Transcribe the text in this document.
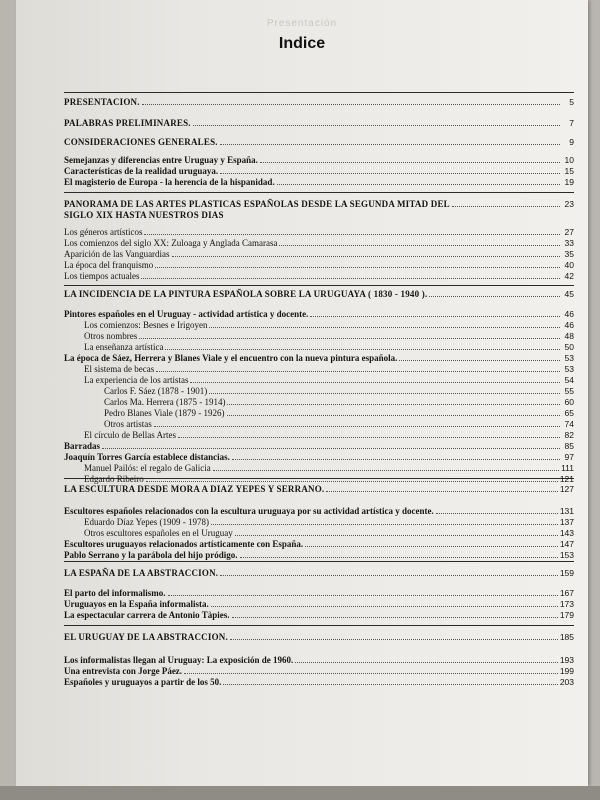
Presentación
Indice
PRESENTACION.	5
PALABRAS PRELIMINARES.	7
CONSIDERACIONES GENERALES.	9
Semejanzas y diferencias entre Uruguay y España.	10
Características de la realidad uruguaya.	15
El magisterio de Europa - la herencia de la hispanidad.	19
PANORAMA DE LAS ARTES PLASTICAS ESPAÑOLAS DESDE LA SEGUNDA MITAD DEL	23
SIGLO XIX HASTA NUESTROS DIAS
Los géneros artísticos	27
Los comienzos del siglo XX: Zuloaga y Anglada Camarasa	33
Aparición de las Vanguardias	35
La época del franquismo	40
Los tiempos actuales	42
LA INCIDENCIA DE LA PINTURA ESPAÑOLA SOBRE LA URUGUAYA ( 1830 - 1940 ).	45
Pintores españoles en el Uruguay - actividad artística y docente.	46
Los comienzos: Besnes e Irigoyen	46
Otros nombres	48
La enseñanza artística	50
La época de Sáez, Herrera y Blanes Viale y el encuentro con la nueva pintura española.	53
El sistema de becas	53
La experiencia de los artistas	54
Carlos F. Sáez (1878 - 1901)	55
Carlos Ma. Herrera (1875 - 1914)	60
Pedro Blanes Viale (1879 - 1926)	65
Otros artistas	74
El círculo de Bellas Artes	82
Barradas	85
Joaquín Torres García establece distancias.	97
Manuel Pailós: el regalo de Galicia	111
Edgardo Ribeiro	121
LA ESCULTURA DESDE MORA A DIAZ YEPES Y SERRANO.	127
Escultores españoles relacionados con la escultura uruguaya por su actividad artística y docente.	131
Eduardo Díaz Yepes (1909 - 1978)	137
Otros escultores españoles en el Uruguay	143
Escultores uruguayos relacionados artísticamente con España.	147
Pablo Serrano y la parábola del hijo pródigo.	153
LA ESPAÑA DE LA ABSTRACCION.	159
El parto del informalismo.	167
Uruguayos en la España informalista.	173
La espectacular carrera de Antonio Tàpies.	179
EL URUGUAY DE LA ABSTRACCION.	185
Los informalistas llegan al Uruguay: La exposición de 1960.	193
Una entrevista con Jorge Páez.	199
Españoles y uruguayos a partir de los 50.	203
